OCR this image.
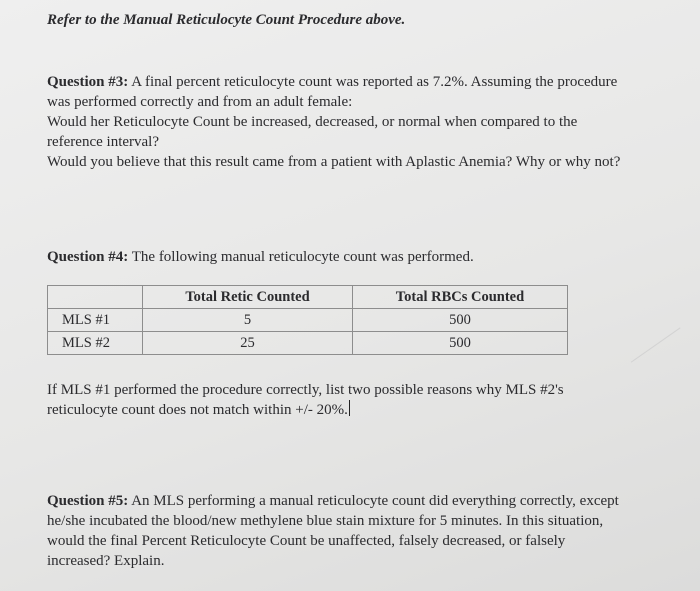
Refer to the Manual Reticulocyte Count Procedure above.
Question #3: A final percent reticulocyte count was reported as 7.2%. Assuming the procedure
was performed correctly and from an adult female:
Would her Reticulocyte Count be increased, decreased, or normal when compared to the
reference interval?
Would you believe that this result came from a patient with Aplastic Anemia? Why or why not?
Question #4: The following manual reticulocyte count was performed.
	Total Retic Counted	Total RBCs Counted
MLS #1	5	500
MLS #2	25	500
If MLS #1 performed the procedure correctly, list two possible reasons why MLS #2's
reticulocyte count does not match within +/- 20%.
Question #5: An MLS performing a manual reticulocyte count did everything correctly, except
he/she incubated the blood/new methylene blue stain mixture for 5 minutes. In this situation,
would the final Percent Reticulocyte Count be unaffected, falsely decreased, or falsely
increased? Explain.
